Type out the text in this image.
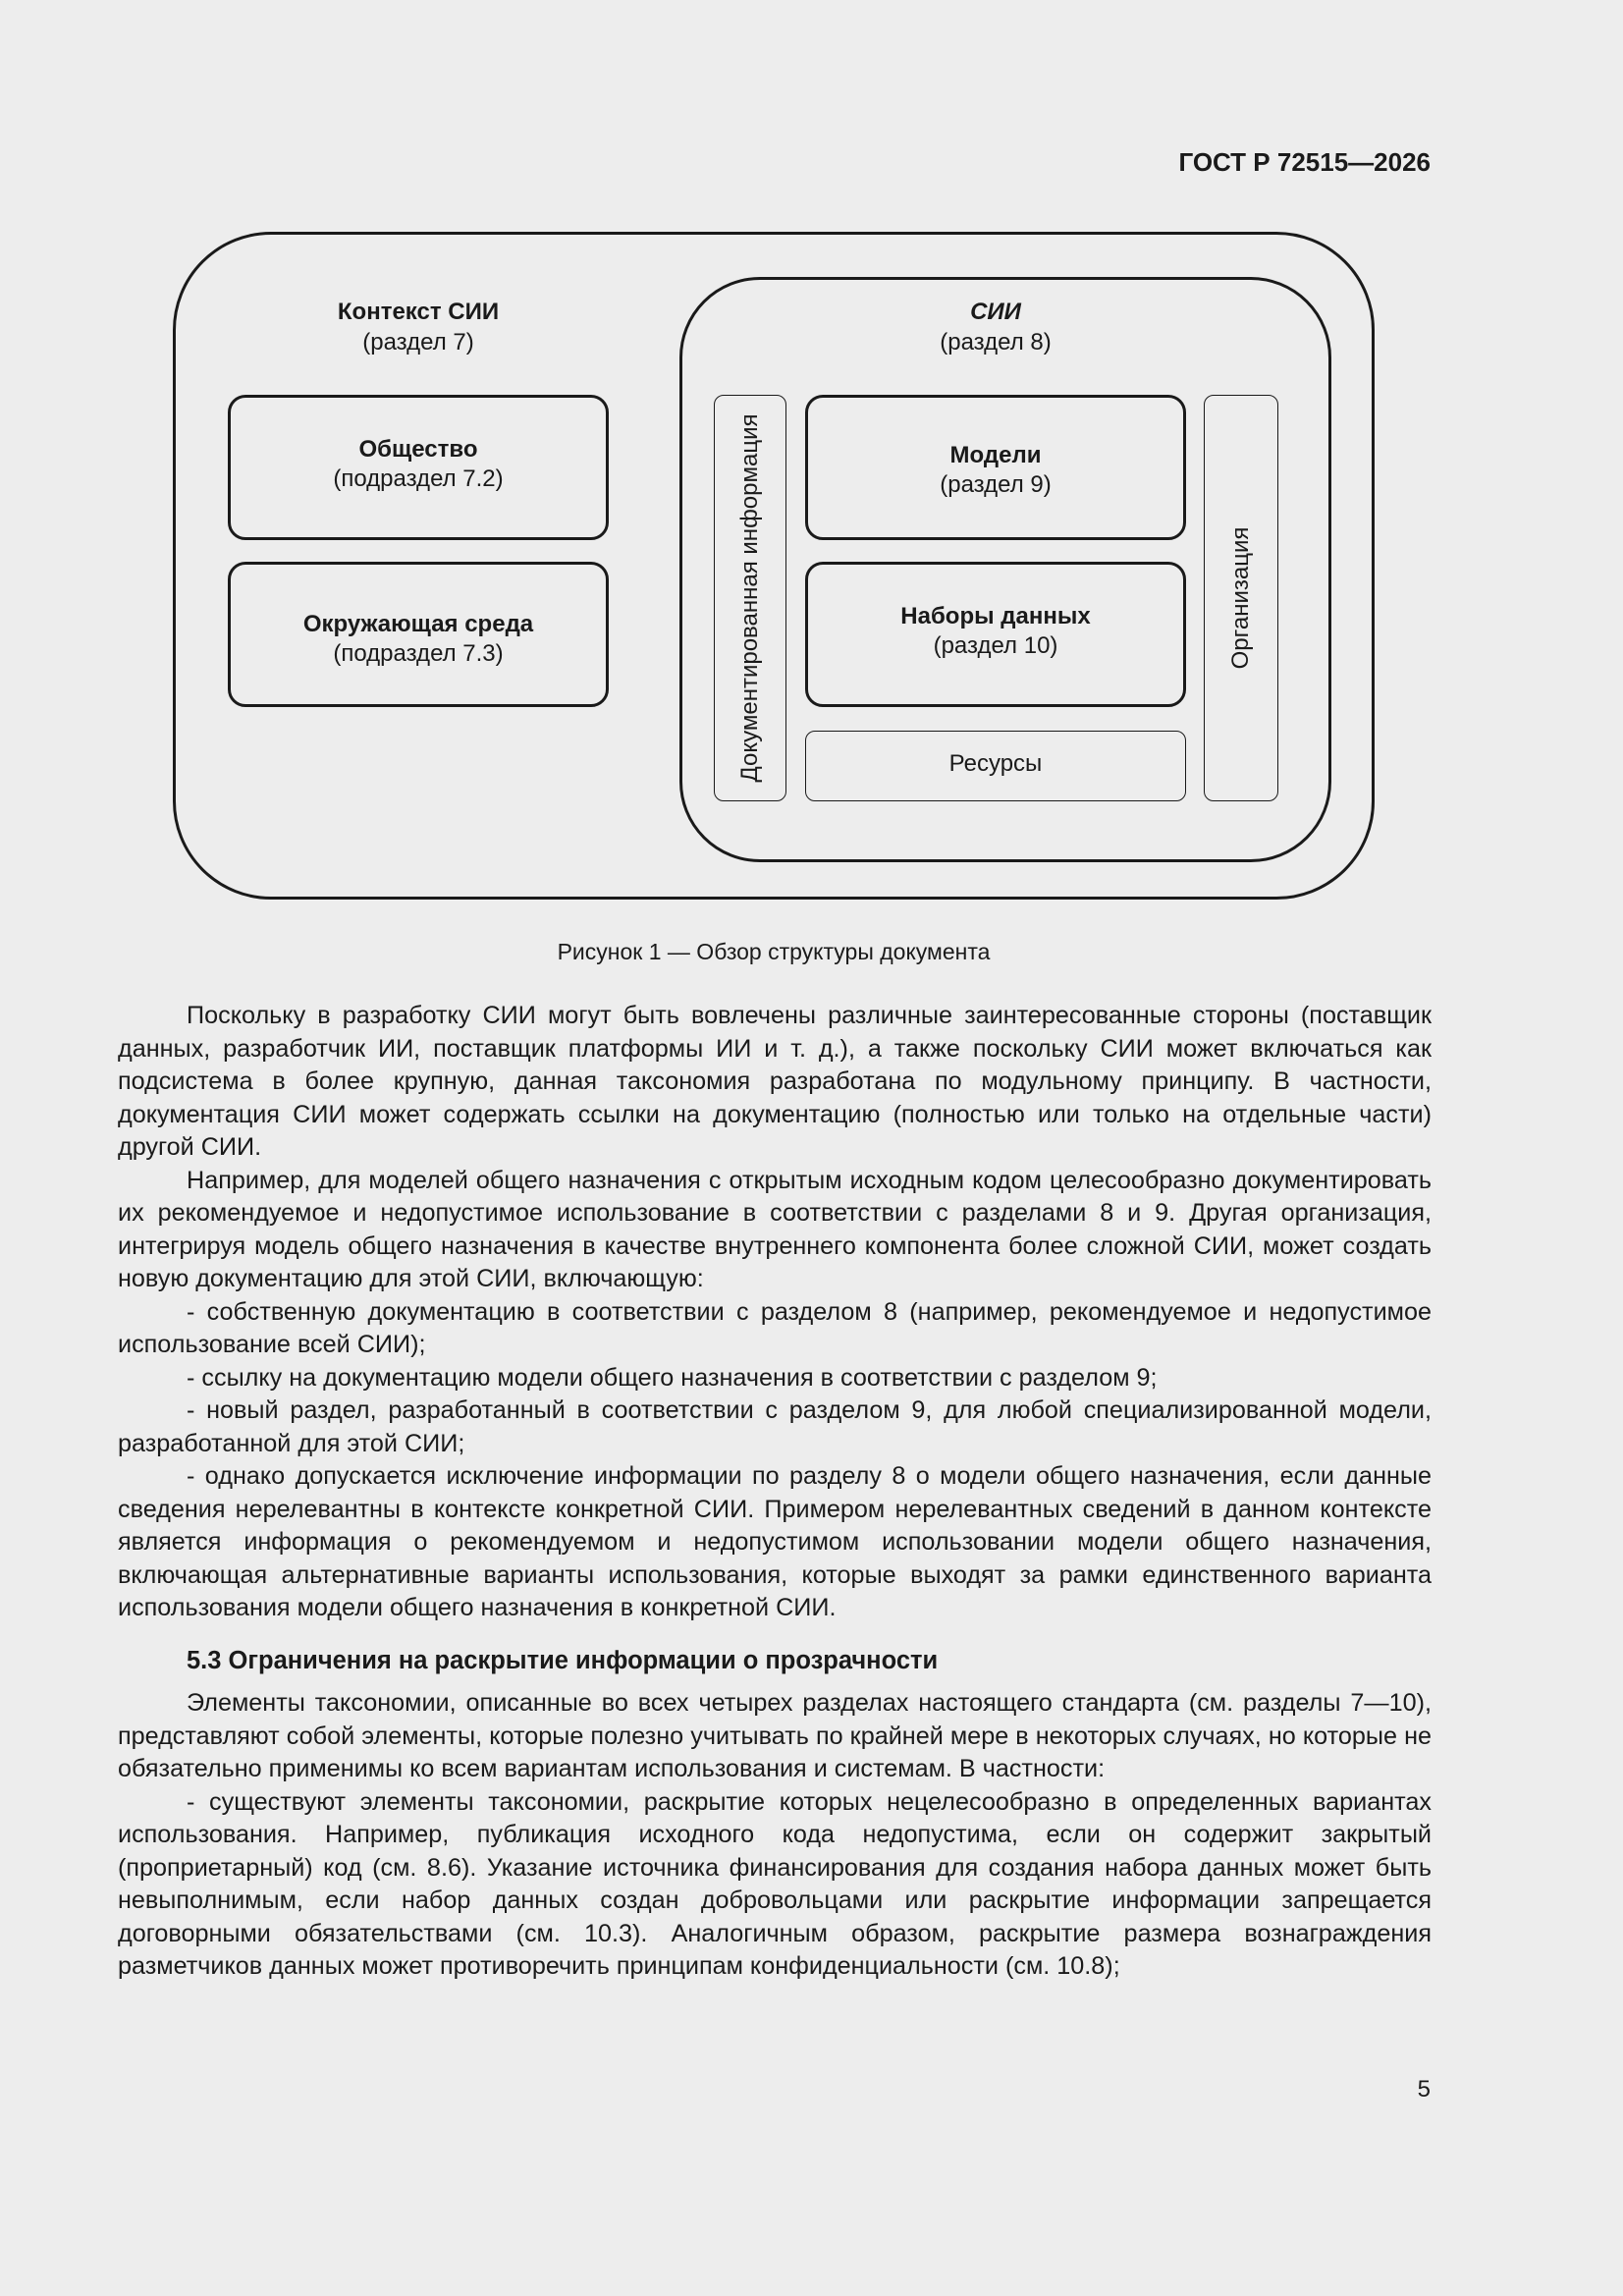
ГОСТ Р 72515—2026
Контекст СИИ
(раздел 7)
Общество
(подраздел 7.2)
Окружающая среда
(подраздел 7.3)
СИИ
(раздел 8)
Документированная информация	Модели
(раздел 9)
Наборы данных
(раздел 10)
Ресурсы
Организация
Рисунок 1 — Обзор структуры документа

Поскольку в разработку СИИ могут быть вовлечены различные заинтересованные стороны (поставщик данных, разработчик ИИ, поставщик платформы ИИ и т. д.), а также поскольку СИИ может включаться как подсистема в более крупную, данная таксономия разработана по модульному принципу. В частности, документация СИИ может содержать ссылки на документацию (полностью или только на отдельные части) другой СИИ.

Например, для моделей общего назначения с открытым исходным кодом целесообразно документировать их рекомендуемое и недопустимое использование в соответствии с разделами 8 и 9. Другая организация, интегрируя модель общего назначения в качестве внутреннего компонента более сложной СИИ, может создать новую документацию для этой СИИ, включающую:

- собственную документацию в соответствии с разделом 8 (например, рекомендуемое и недопустимое использование всей СИИ);

- ссылку на документацию модели общего назначения в соответствии с разделом 9;

- новый раздел, разработанный в соответствии с разделом 9, для любой специализированной модели, разработанной для этой СИИ;

- однако допускается исключение информации по разделу 8 о модели общего назначения, если данные сведения нерелевантны в контексте конкретной СИИ. Примером нерелевантных сведений в данном контексте является информация о рекомендуемом и недопустимом использовании модели общего назначения, включающая альтернативные варианты использования, которые выходят за рамки единственного варианта использования модели общего назначения в конкретной СИИ.

5.3 Ограничения на раскрытие информации о прозрачности

Элементы таксономии, описанные во всех четырех разделах настоящего стандарта (см. разделы 7—10), представляют собой элементы, которые полезно учитывать по крайней мере в некоторых случаях, но которые не обязательно применимы ко всем вариантам использования и системам. В частности:

- существуют элементы таксономии, раскрытие которых нецелесообразно в определенных вариантах использования. Например, публикация исходного кода недопустима, если он содержит закрытый (проприетарный) код (см. 8.6). Указание источника финансирования для создания набора данных может быть невыполнимым, если набор данных создан добровольцами или раскрытие информации запрещается договорными обязательствами (см. 10.3). Аналогичным образом, раскрытие размера вознаграждения разметчиков данных может противоречить принципам конфиденциальности (см. 10.8);

5
